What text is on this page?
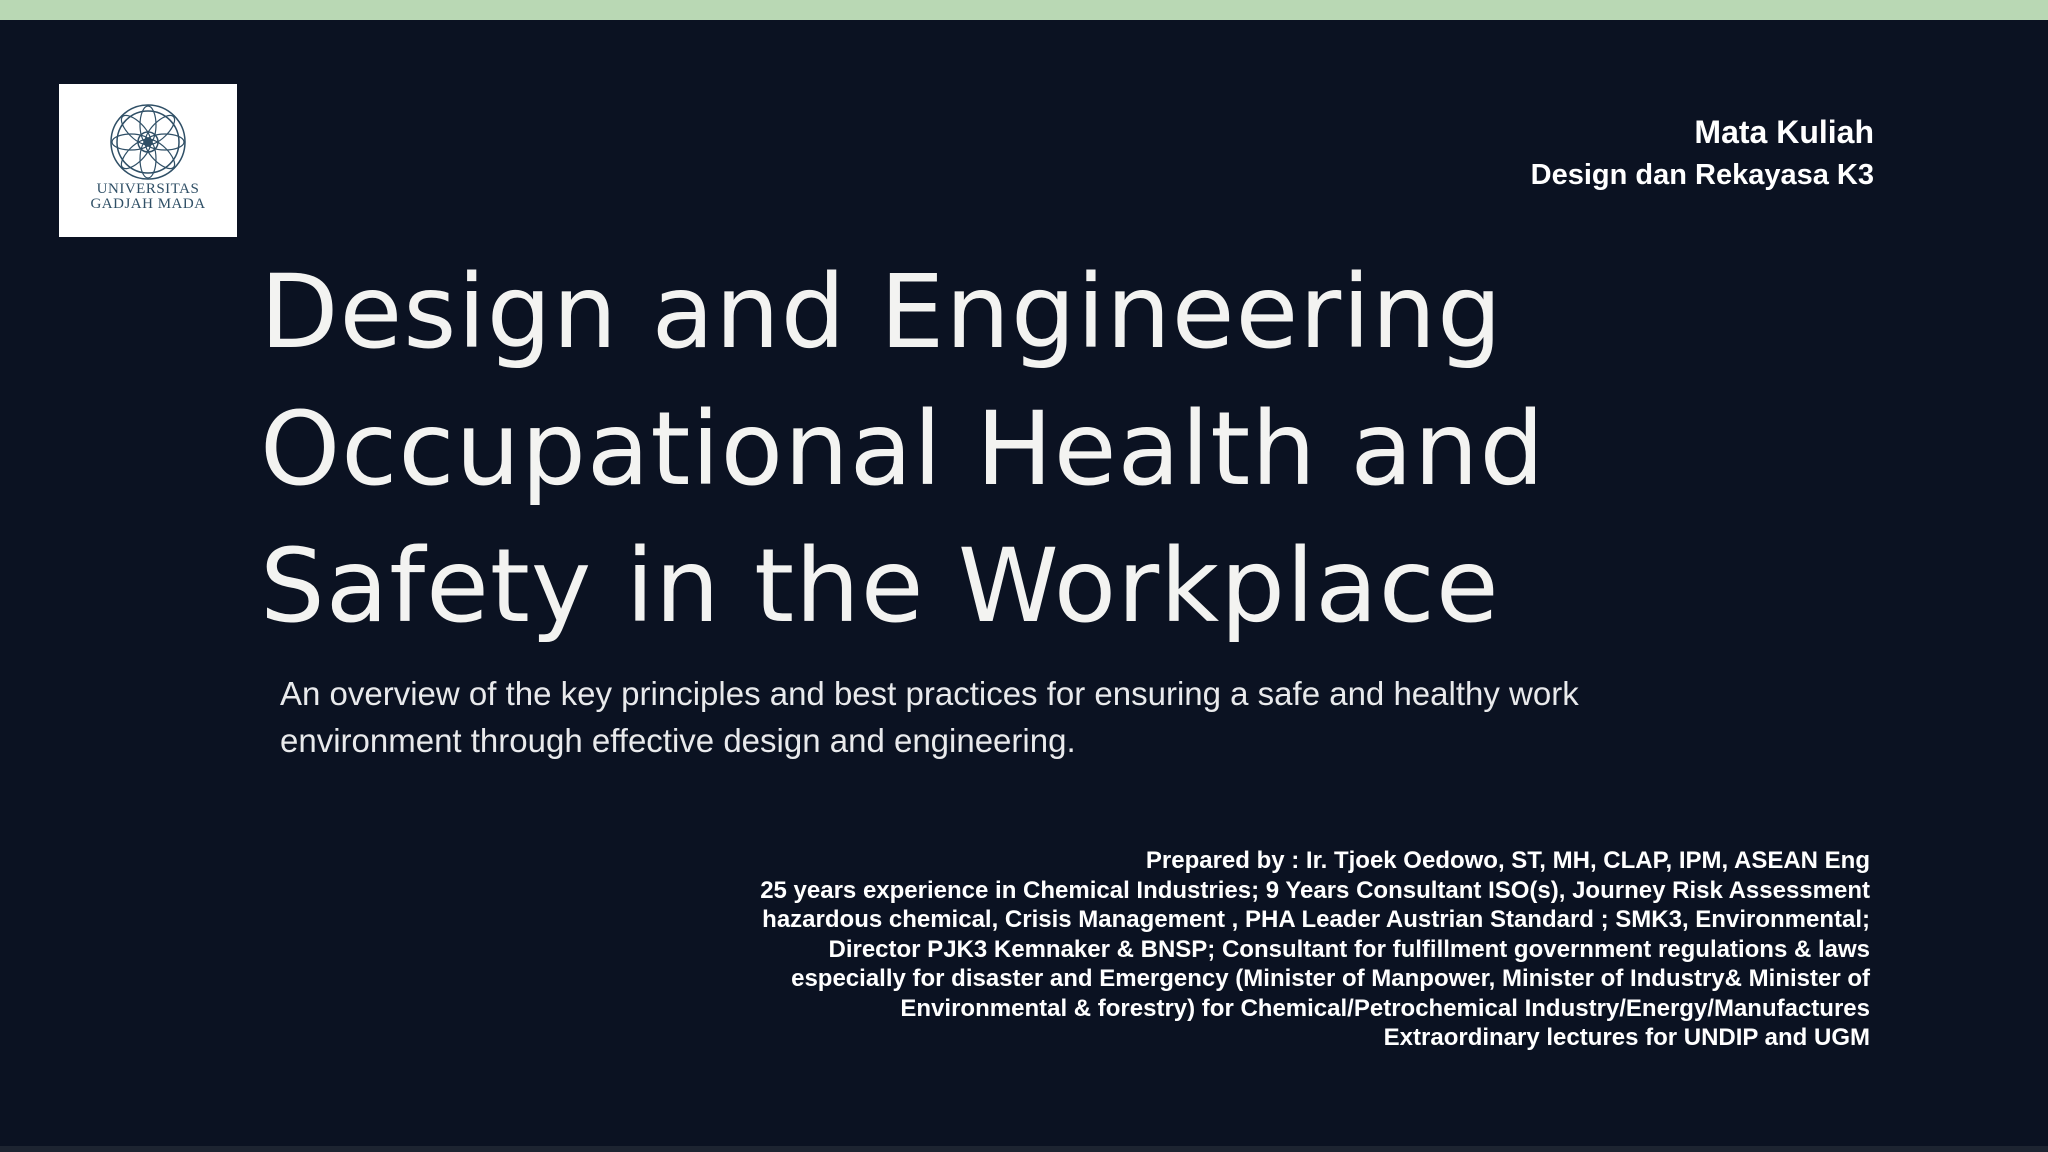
UNIVERSITAS
GADJAH MADA
Mata Kuliah
Design dan Rekayasa K3
Design and Engineering
Occupational Health and
Safety in the Workplace

An overview of the key principles and best practices for ensuring a safe and healthy work environment through effective design and engineering.

Prepared by : Ir. Tjoek Oedowo, ST, MH, CLAP, IPM, ASEAN Eng
25 years experience in Chemical Industries; 9 Years Consultant ISO(s), Journey Risk Assessment
hazardous chemical, Crisis Management , PHA Leader Austrian Standard ; SMK3, Environmental;
Director PJK3 Kemnaker & BNSP; Consultant for fulfillment government regulations & laws
especially for disaster and Emergency (Minister of Manpower, Minister of Industry& Minister of
Environmental & forestry) for Chemical/Petrochemical Industry/Energy/Manufactures
Extraordinary lectures for UNDIP and UGM
